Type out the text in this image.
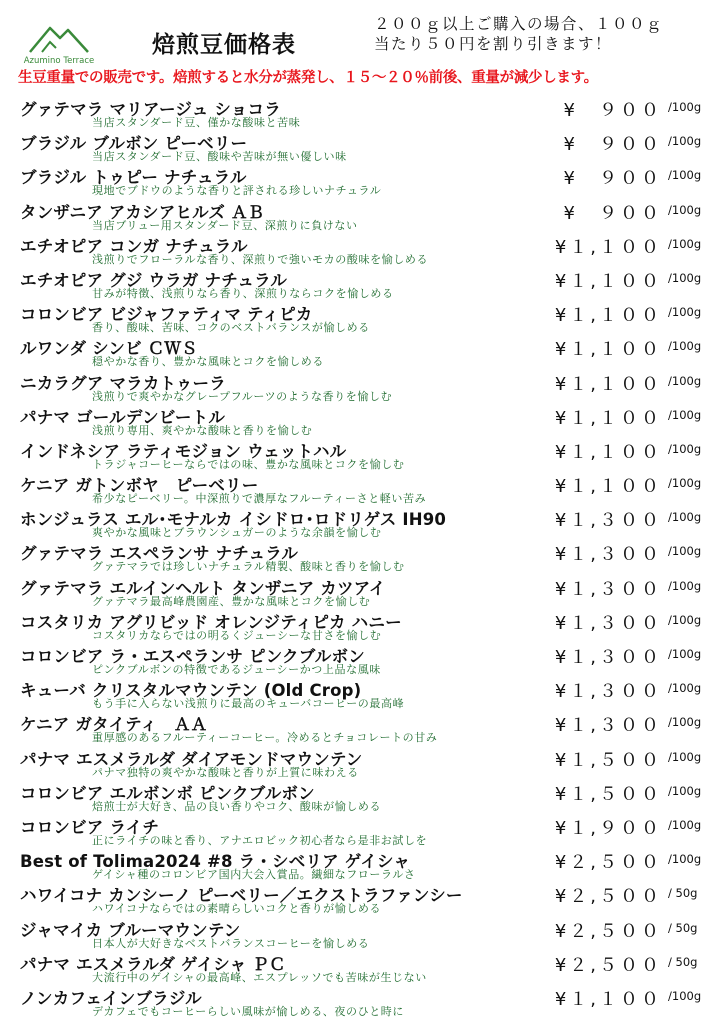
Azumino Terrace
焙煎豆価格表
２００ｇ以上ご購入の場合、１００ｇ
当たり５０円を割り引きます！
生豆重量での販売です。焙煎すると水分が蒸発し、１５～２０％前後、重量が減少します。
グァテマラ マリアージュ ショコラ
当店スタンダード豆、僅かな酸味と苦味
¥　９００ /100g
ブラジル ブルボン ピーベリー
当店スタンダード豆、酸味や苦味が無い優しい味
¥　９００ /100g
ブラジル トゥピー ナチュラル
現地でブドウのような香りと評される珍しいナチュラル
¥　９００ /100g
タンザニア アカシアヒルズ ＡＢ
当店ブリュー用スタンダード豆、深煎りに負けない
¥　９００ /100g
エチオピア コンガ ナチュラル
浅煎りでフローラルな香り、深煎りで強いモカの酸味を愉しめる
¥１,１００ /100g
エチオピア グジ ウラガ ナチュラル
甘みが特徴、浅煎りなら香り、深煎りならコクを愉しめる
¥１,１００ /100g
コロンビア ビジャファティマ ティピカ
香り、酸味、苦味、コクのベストバランスが愉しめる
¥１,１００ /100g
ルワンダ シンビ ＣＷＳ
穏やかな香り、豊かな風味とコクを愉しめる
¥１,１００ /100g
ニカラグア マラカトゥーラ
浅煎りで爽やかなグレープフルーツのような香りを愉しむ
¥１,１００ /100g
パナマ ゴールデンビートル
浅煎り専用、爽やかな酸味と香りを愉しむ
¥１,１００ /100g
インドネシア ラティモジョン ウェットハル
トラジャコーヒーならではの味、豊かな風味とコクを愉しむ
¥１,１００ /100g
ケニア ガトンボヤ　ピーベリー
希少なピーベリー。中深煎りで濃厚なフルーティーさと軽い苦み
¥１,１００ /100g
ホンジュラス エル･モナルカ イシドロ･ロドリゲス IH90
爽やかな風味とブラウンシュガーのような余韻を愉しむ
¥１,３００ /100g
グァテマラ エスペランサ ナチュラル
グァテマラでは珍しいナチュラル精製、酸味と香りを愉しむ
¥１,３００ /100g
グァテマラ エルインヘルト タンザニア カツアイ
グァテマラ最高峰農園産、豊かな風味とコクを愉しむ
¥１,３００ /100g
コスタリカ アグリビッド オレンジティピカ ハニー
コスタリカならではの明るくジューシーな甘さを愉しむ
¥１,３００ /100g
コロンビア ラ・エスペランサ ピンクブルボン
ピンクブルボンの特徴であるジューシーかつ上品な風味
¥１,３００ /100g
キューバ クリスタルマウンテン (Old Crop)
もう手に入らない浅煎りに最高のキューバコーヒーの最高峰
¥１,３００ /100g
ケニア ガタイティ　ＡＡ
重厚感のあるフルーティーコーヒー。冷めるとチョコレートの甘み
¥１,３００ /100g
パナマ エスメラルダ ダイアモンドマウンテン
パナマ独特の爽やかな酸味と香りが上質に味わえる
¥１,５００ /100g
コロンビア エルボンボ ピンクブルボン
焙煎士が大好き、品の良い香りやコク、酸味が愉しめる
¥１,５００ /100g
コロンビア ライチ
正にライチの味と香り、アナエロビック初心者なら是非お試しを
¥１,９００ /100g
Best of Tolima2024 #8 ラ・シベリア ゲイシャ
ゲイシャ種のコロンビア国内大会入賞品。繊細なフローラルさ
¥２,５００ /100g
ハワイコナ カンシーノ ピーベリー／エクストラファンシー
ハワイコナならではの素晴らしいコクと香りが愉しめる
¥２,５００ / 50g
ジャマイカ ブルーマウンテン
日本人が大好きなベストバランスコーヒーを愉しめる
¥２,５００ / 50g
パナマ エスメラルダ ゲイシャ ＰＣ
大流行中のゲイシャの最高峰、エスプレッソでも苦味が生じない
¥２,５００ / 50g
ノンカフェインブラジル
デカフェでもコーヒーらしい風味が愉しめる、夜のひと時に
¥１,１００ /100g
